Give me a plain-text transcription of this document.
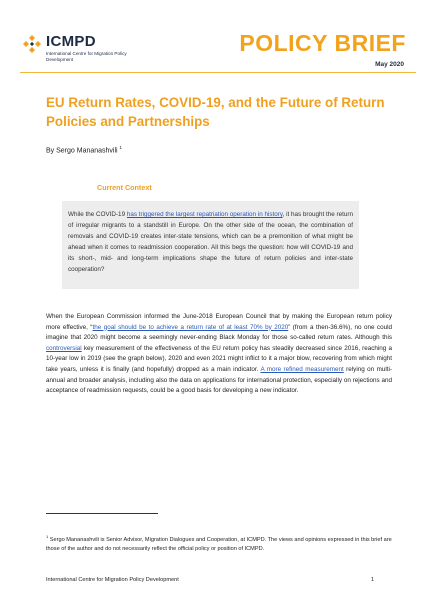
ICMPD
International Centre for Migration Policy Development
POLICY BRIEF
May 2020
EU Return Rates, COVID-19, and the Future of Return Policies and Partnerships
By Sergo Mananashvili $^1$
Current Context
While the COVID-19 has triggered the largest repatriation operation in history, it has brought the return of irregular migrants to a standstill in Europe. On the other side of the ocean, the combination of removals and COVID-19 creates inter-state tensions, which can be a premonition of what might be ahead when it comes to readmission cooperation. All this begs the question: how will COVID-19 and its short-, mid- and long-term implications shape the future of return policies and inter-state cooperation?
When the European Commission informed the June-2018 European Council that by making the European return policy more effective, “the goal should be to achieve a return rate of at least 70% by 2020” (from a then-36.6%), no one could imagine that 2020 might become a seemingly never-ending Black Monday for those so-called return rates. Although this controversial key measurement of the effectiveness of the EU return policy has steadily decreased since 2016, reaching a 10-year low in 2019 (see the graph below), 2020 and even 2021 might inflict to it a major blow, recovering from which might take years, unless it is finally (and hopefully) dropped as a main indicator. A more refined measurement relying on multi-annual and broader analysis, including also the data on applications for international protection, especially on rejections and acceptance of readmission requests, could be a good basis for developing a new indicator.
$^1$ Sergo Mananashvili is Senior Advisor, Migration Dialogues and Cooperation, at ICMPD. The views and opinions expressed in this brief are those of the author and do not necessarily reflect the official policy or position of ICMPD.
International Centre for Migration Policy Development	1
